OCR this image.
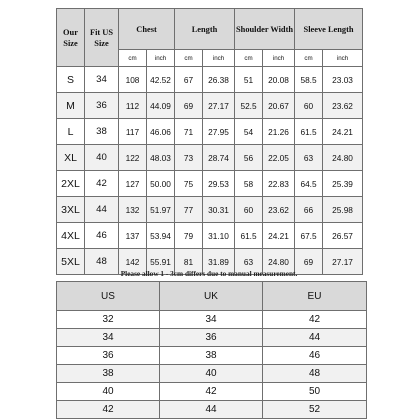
Our Size	Fit US Size	Chest		Length		Shoulder Width		Sleeve Length	
		cm	inch	cm	inch	cm	inch	cm	inch
S	34	108	42.52	67	26.38	51	20.08	58.5	23.03
M	36	112	44.09	69	27.17	52.5	20.67	60	23.62
L	38	117	46.06	71	27.95	54	21.26	61.5	24.21
XL	40	122	48.03	73	28.74	56	22.05	63	24.80
2XL	42	127	50.00	75	29.53	58	22.83	64.5	25.39
3XL	44	132	51.97	77	30.31	60	23.62	66	25.98
4XL	46	137	53.94	79	31.10	61.5	24.21	67.5	26.57
5XL	48	142	55.91	81	31.89	63	24.80	69	27.17
Please allow 1 - 3cm differs due to manual measurement.
US	UK	EU
32	34	42
34	36	44
36	38	46
38	40	48
40	42	50
42	44	52
